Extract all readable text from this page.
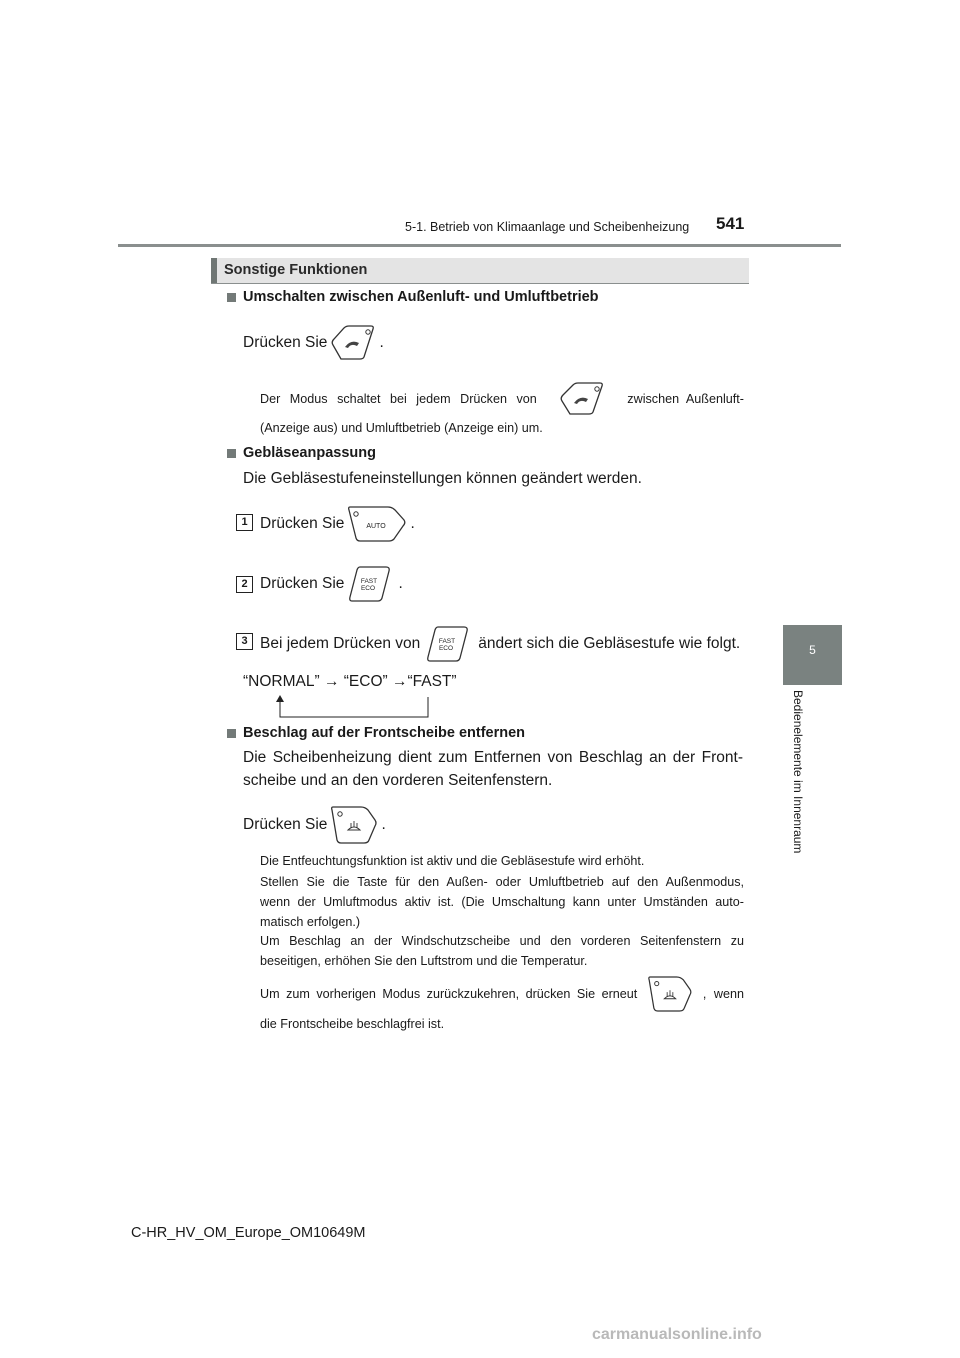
5-1. Betrieb von Klimaanlage und Scheibenheizung 541
5
Bedienelemente im Innenraum
Sonstige Funktionen
Umschalten zwischen Außenluft- und Umluftbetrieb
Drücken Sie	.
Der Modus schaltet bei jedem Drücken von	zwischen Außenluft-
(Anzeige aus) und Umluftbetrieb (Anzeige ein) um.
Gebläseanpassung
Die Gebläsestufeneinstellungen können geändert werden.
1 Drücken Sie	AUTO .
2 Drücken Sie	FAST
ECO .
3 Bei jedem Drücken von	FAST
ECO ändert sich die Gebläsestufe wie folgt.
“NORMAL” → “ECO” →“FAST”
Beschlag auf der Frontscheibe entfernen
Die Scheibenheizung dient zum Entfernen von Beschlag an der Front-
scheibe und an den vorderen Seitenfenstern.
Drücken Sie	.
Die Entfeuchtungsfunktion ist aktiv und die Gebläsestufe wird erhöht.
Stellen Sie die Taste für den Außen- oder Umluftbetrieb auf den Außenmodus,
wenn der Umluftmodus aktiv ist. (Die Umschaltung kann unter Umständen auto-
matisch erfolgen.)
Um Beschlag an der Windschutzscheibe und den vorderen Seitenfenstern zu
beseitigen, erhöhen Sie den Luftstrom und die Temperatur.
Um zum vorherigen Modus zurückzukehren, drücken Sie erneut	, wenn
die Frontscheibe beschlagfrei ist.
C-HR_HV_OM_Europe_OM10649M
carmanualsonline.info
